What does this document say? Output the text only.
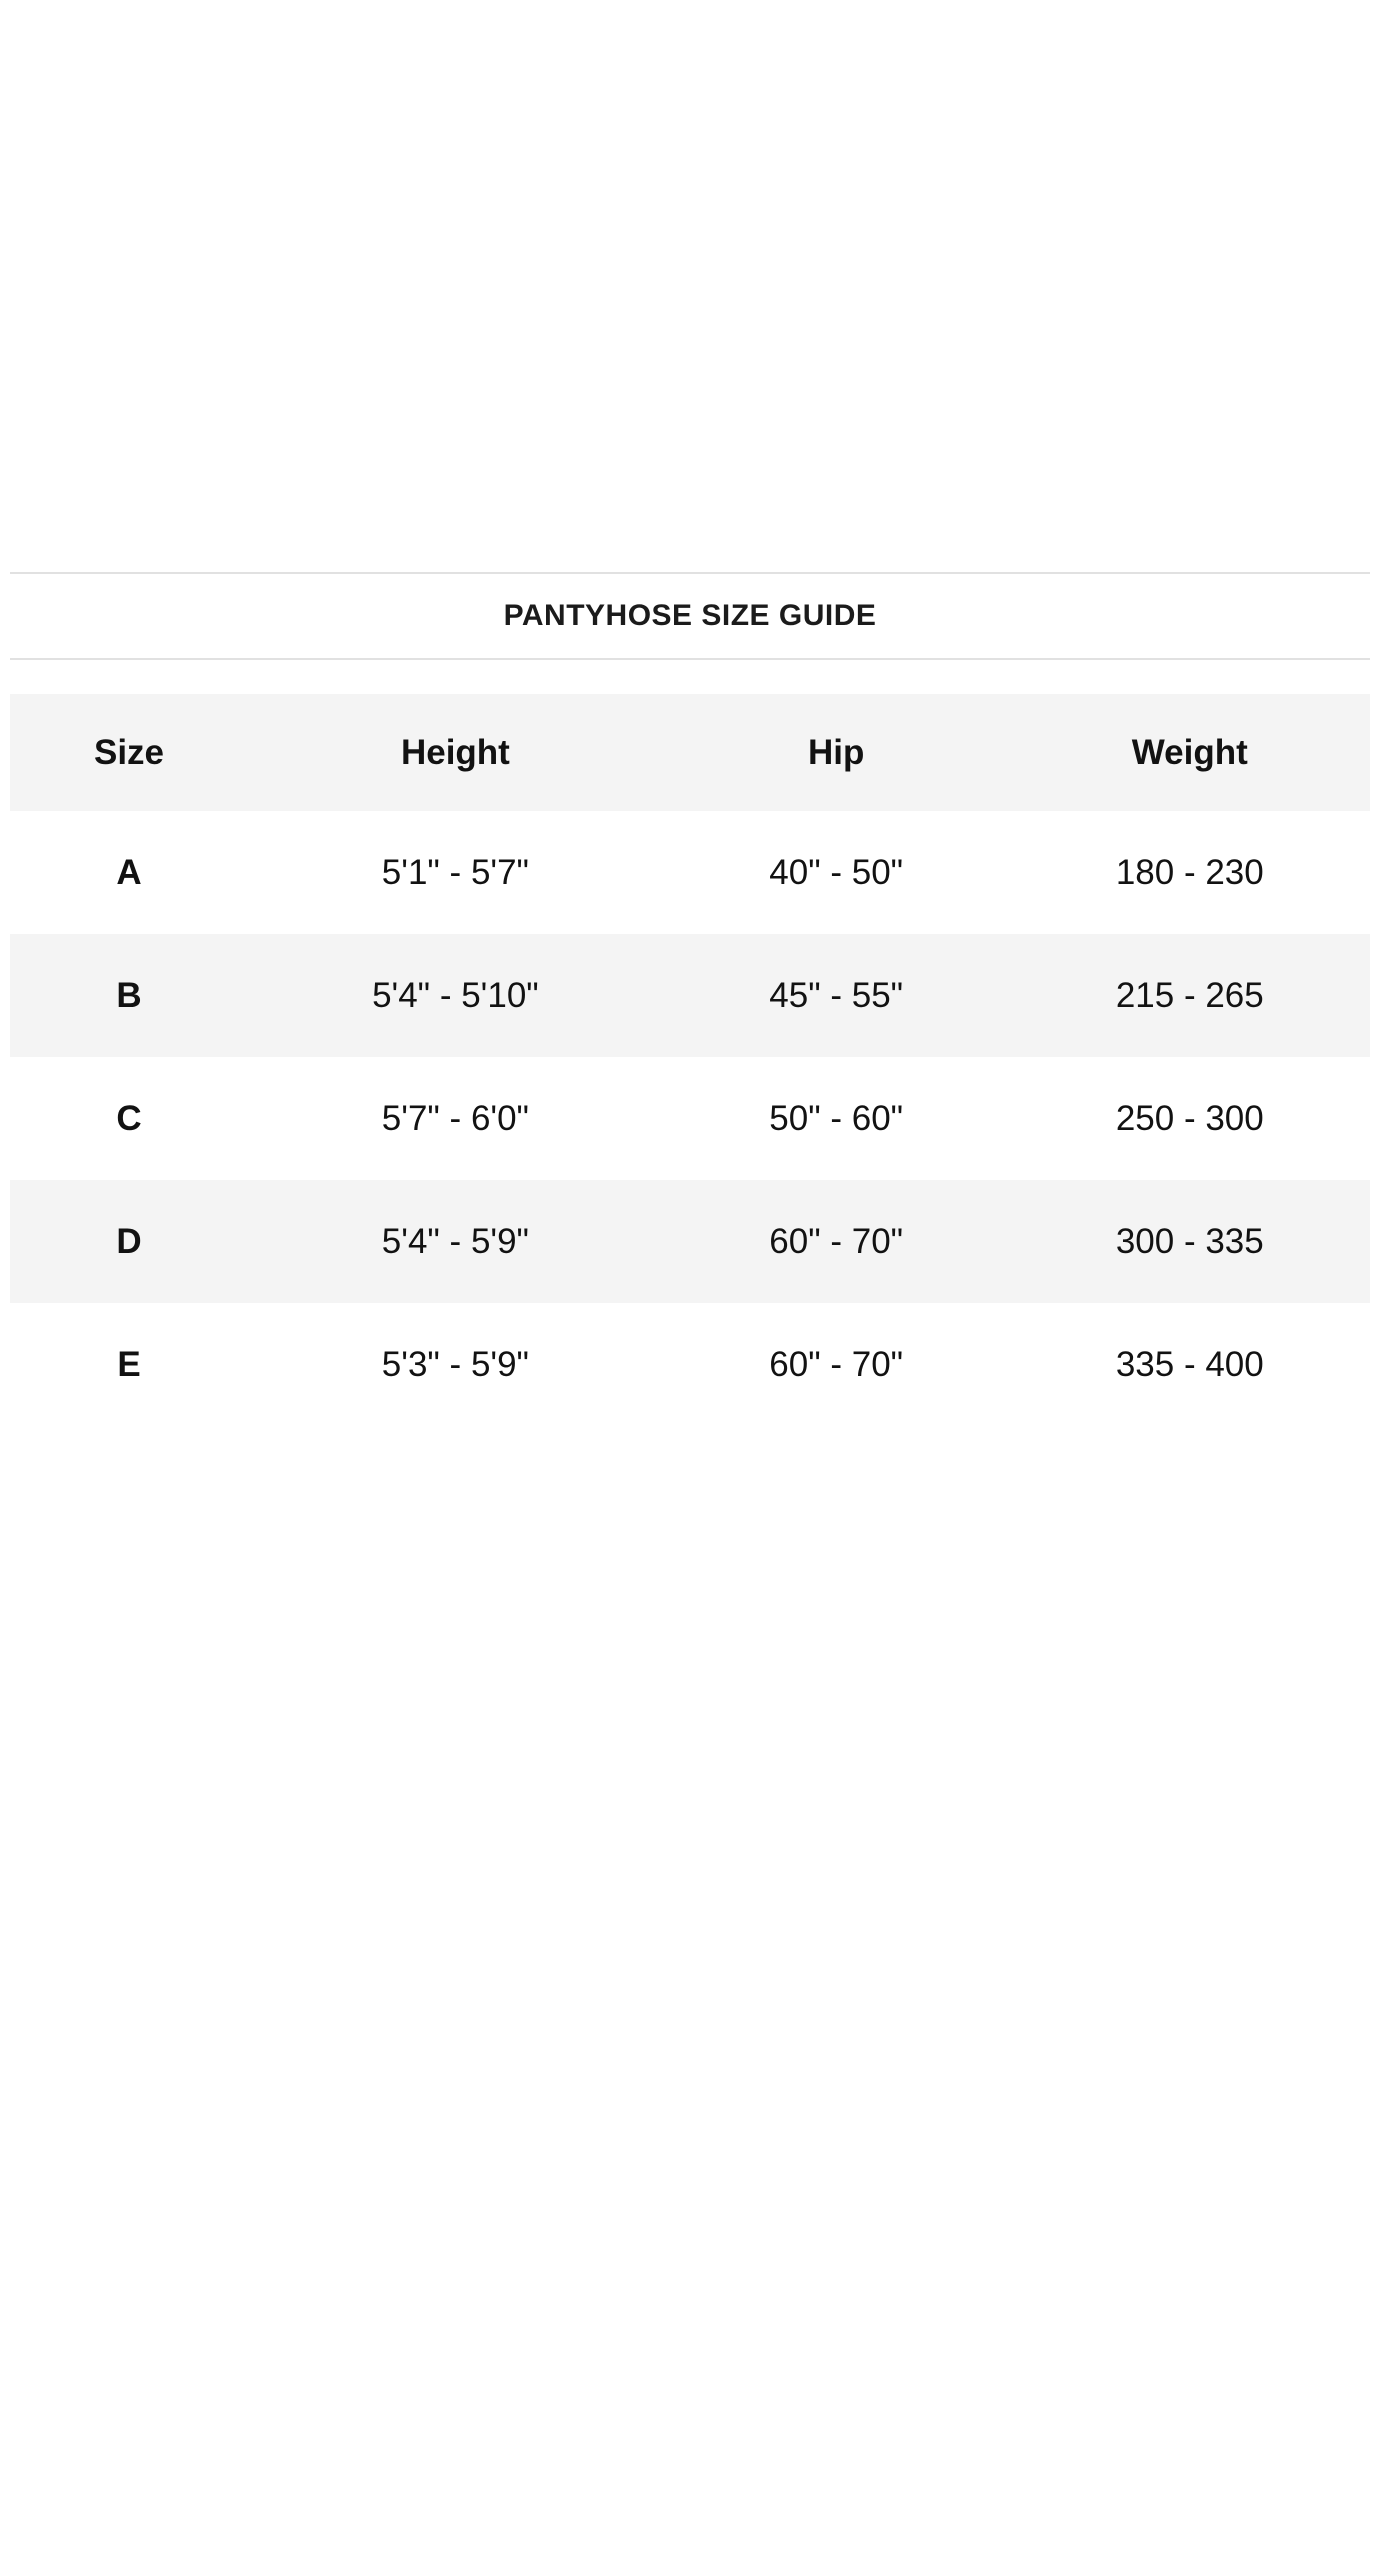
PANTYHOSE SIZE GUIDE
Size	Height	Hip	Weight
A	5'1" - 5'7"	40" - 50"	180 - 230
B	5'4" - 5'10"	45" - 55"	215 - 265
C	5'7" - 6'0"	50" - 60"	250 - 300
D	5'4" - 5'9"	60" - 70"	300 - 335
E	5'3" - 5'9"	60" - 70"	335 - 400
